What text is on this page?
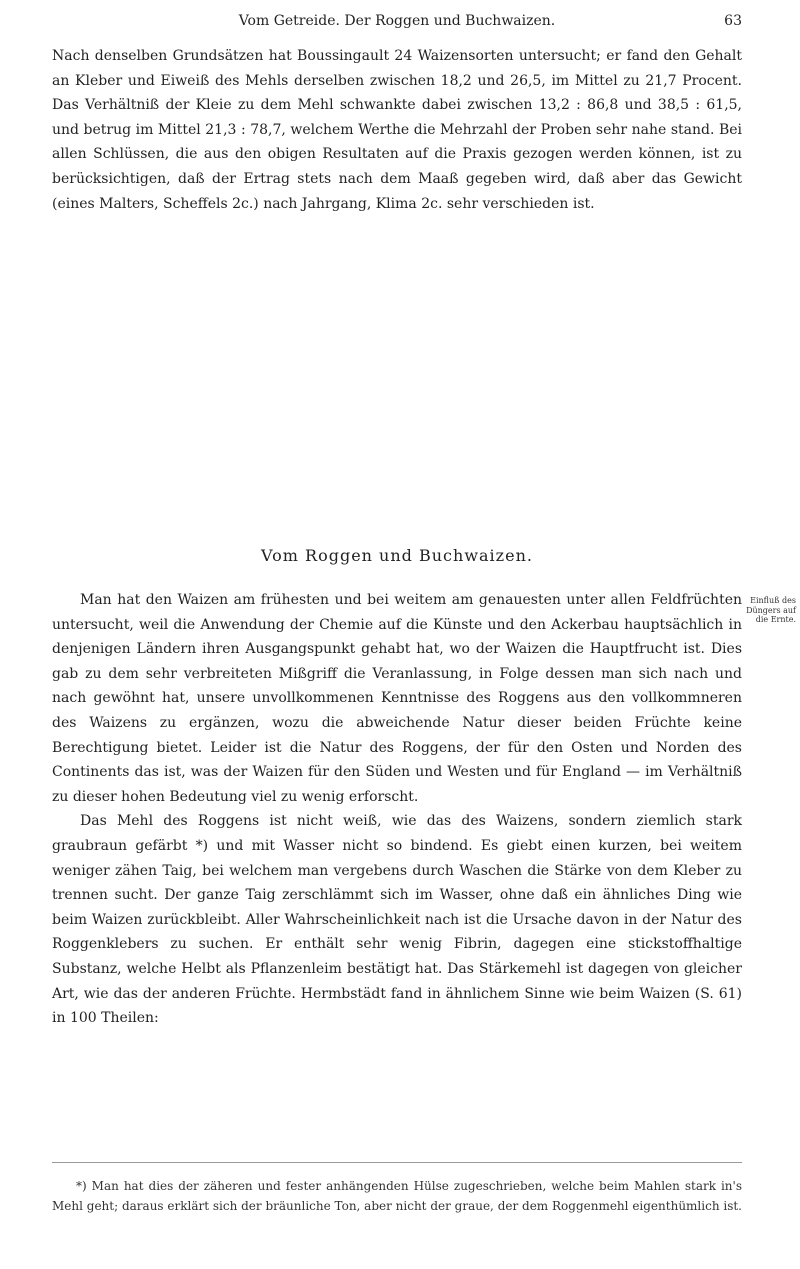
Vom Getreide. Der Roggen und Buchwaizen.	63

Nach denselben Grundsätzen hat Boussingault 24 Waizensorten untersucht; er fand den Gehalt an Kleber und Eiweiß des Mehls derselben zwischen 18,2 und 26,5, im Mittel zu 21,7 Procent. Das Verhältniß der Kleie zu dem Mehl schwankte dabei zwischen 13,2 : 86,8 und 38,5 : 61,5, und betrug im Mittel 21,3 : 78,7, welchem Werthe die Mehrzahl der Proben sehr nahe stand. Bei allen Schlüssen, die aus den obigen Resultaten auf die Praxis gezogen werden können, ist zu berücksichtigen, daß der Ertrag stets nach dem Maaß gegeben wird, daß aber das Gewicht (eines Malters, Scheffels 2c.) nach Jahrgang, Klima 2c. sehr verschieden ist.

Vom Roggen und Buchwaizen.
Einfluß des
Düngers auf
die Ernte.

Man hat den Waizen am frühesten und bei weitem am genauesten unter allen Feldfrüchten untersucht, weil die Anwendung der Chemie auf die Künste und den Ackerbau hauptsächlich in denjenigen Ländern ihren Ausgangspunkt gehabt hat, wo der Waizen die Hauptfrucht ist. Dies gab zu dem sehr verbreiteten Mißgriff die Veranlassung, in Folge dessen man sich nach und nach gewöhnt hat, unsere unvollkommenen Kenntnisse des Roggens aus den vollkommneren des Waizens zu ergänzen, wozu die abweichende Natur dieser beiden Früchte keine Berechtigung bietet. Leider ist die Natur des Roggens, der für den Osten und Norden des Continents das ist, was der Waizen für den Süden und Westen und für England — im Verhältniß zu dieser hohen Bedeutung viel zu wenig erforscht.

Das Mehl des Roggens ist nicht weiß, wie das des Waizens, sondern ziemlich stark graubraun gefärbt *) und mit Wasser nicht so bindend. Es giebt einen kurzen, bei weitem weniger zähen Taig, bei welchem man vergebens durch Waschen die Stärke von dem Kleber zu trennen sucht. Der ganze Taig zerschlämmt sich im Wasser, ohne daß ein ähnliches Ding wie beim Waizen zurückbleibt. Aller Wahrscheinlichkeit nach ist die Ursache davon in der Natur des Roggenklebers zu suchen. Er enthält sehr wenig Fibrin, dagegen eine stickstoffhaltige Substanz, welche Helbt als Pflanzenleim bestätigt hat. Das Stärkemehl ist dagegen von gleicher Art, wie das der anderen Früchte. Hermbstädt fand in ähnlichem Sinne wie beim Waizen (S. 61) in 100 Theilen:

*) Man hat dies der zäheren und fester anhängenden Hülse zugeschrieben, welche beim Mahlen stark in's Mehl geht; daraus erklärt sich der bräunliche Ton, aber nicht der graue, der dem Roggenmehl eigenthümlich ist.
